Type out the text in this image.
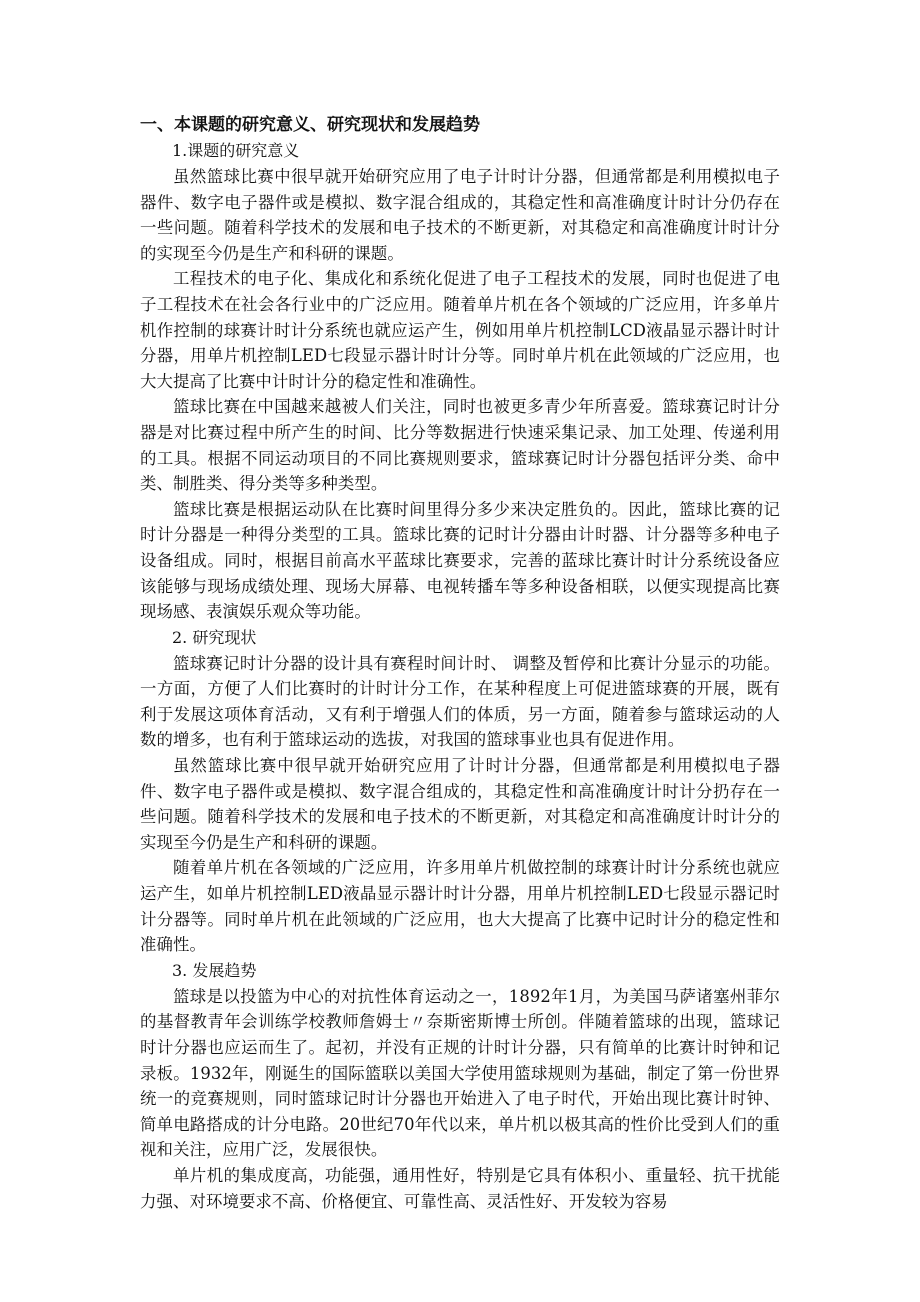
一、本课题的研究意义、研究现状和发展趋势

1.课题的研究意义

虽然篮球比赛中很早就开始研究应用了电子计时计分器，但通常都是利用模拟电子器件、数字电子器件或是模拟、数字混合组成的，其稳定性和高准确度计时计分仍存在一些问题。随着科学技术的发展和电子技术的不断更新，对其稳定和高准确度计时计分的实现至今仍是生产和科研的课题。

工程技术的电子化、集成化和系统化促进了电子工程技术的发展，同时也促进了电子工程技术在社会各行业中的广泛应用。随着单片机在各个领域的广泛应用，许多单片机作控制的球赛计时计分系统也就应运产生，例如用单片机控制LCD液晶显示器计时计分器，用单片机控制LED七段显示器计时计分等。同时单片机在此领域的广泛应用，也大大提高了比赛中计时计分的稳定性和准确性。

篮球比赛在中国越来越被人们关注，同时也被更多青少年所喜爱。篮球赛记时计分器是对比赛过程中所产生的时间、比分等数据进行快速采集记录、加工处理、传递利用的工具。根据不同运动项目的不同比赛规则要求，篮球赛记时计分器包括评分类、命中类、制胜类、得分类等多种类型。

篮球比赛是根据运动队在比赛时间里得分多少来决定胜负的。因此，篮球比赛的记时计分器是一种得分类型的工具。篮球比赛的记时计分器由计时器、计分器等多种电子设备组成。同时，根据目前高水平蓝球比赛要求，完善的蓝球比赛计时计分系统设备应该能够与现场成绩处理、现场大屏幕、电视转播车等多种设备相联，以便实现提高比赛现场感、表演娱乐观众等功能。

2. 研究现状

篮球赛记时计分器的设计具有赛程时间计时、 调整及暂停和比赛计分显示的功能。一方面，方便了人们比赛时的计时计分工作，在某种程度上可促进篮球赛的开展，既有利于发展这项体育活动，又有利于增强人们的体质，另一方面，随着参与篮球运动的人数的增多，也有利于篮球运动的选拔，对我国的篮球事业也具有促进作用。

虽然篮球比赛中很早就开始研究应用了计时计分器，但通常都是利用模拟电子器件、数字电子器件或是模拟、数字混合组成的，其稳定性和高准确度计时计分扔存在一些问题。随着科学技术的发展和电子技术的不断更新，对其稳定和高准确度计时计分的实现至今仍是生产和科研的课题。

随着单片机在各领域的广泛应用，许多用单片机做控制的球赛计时计分系统也就应运产生，如单片机控制LED液晶显示器计时计分器，用单片机控制LED七段显示器记时计分器等。同时单片机在此领域的广泛应用，也大大提高了比赛中记时计分的稳定性和准确性。

3. 发展趋势

篮球是以投篮为中心的对抗性体育运动之一，1892年1月，为美国马萨诸塞州菲尔的基督教青年会训练学校教师詹姆士〃奈斯密斯博士所创。伴随着篮球的出现，篮球记时计分器也应运而生了。起初，并没有正规的计时计分器，只有简单的比赛计时钟和记录板。1932年，刚诞生的国际篮联以美国大学使用篮球规则为基础，制定了第一份世界统一的竞赛规则，同时篮球记时计分器也开始进入了电子时代，开始出现比赛计时钟、简单电路搭成的计分电路。20世纪70年代以来，单片机以极其高的性价比受到人们的重视和关注，应用广泛，发展很快。

单片机的集成度高，功能强，通用性好，特别是它具有体积小、重量轻、抗干扰能力强、对环境要求不高、价格便宜、可靠性高、灵活性好、开发较为容易
